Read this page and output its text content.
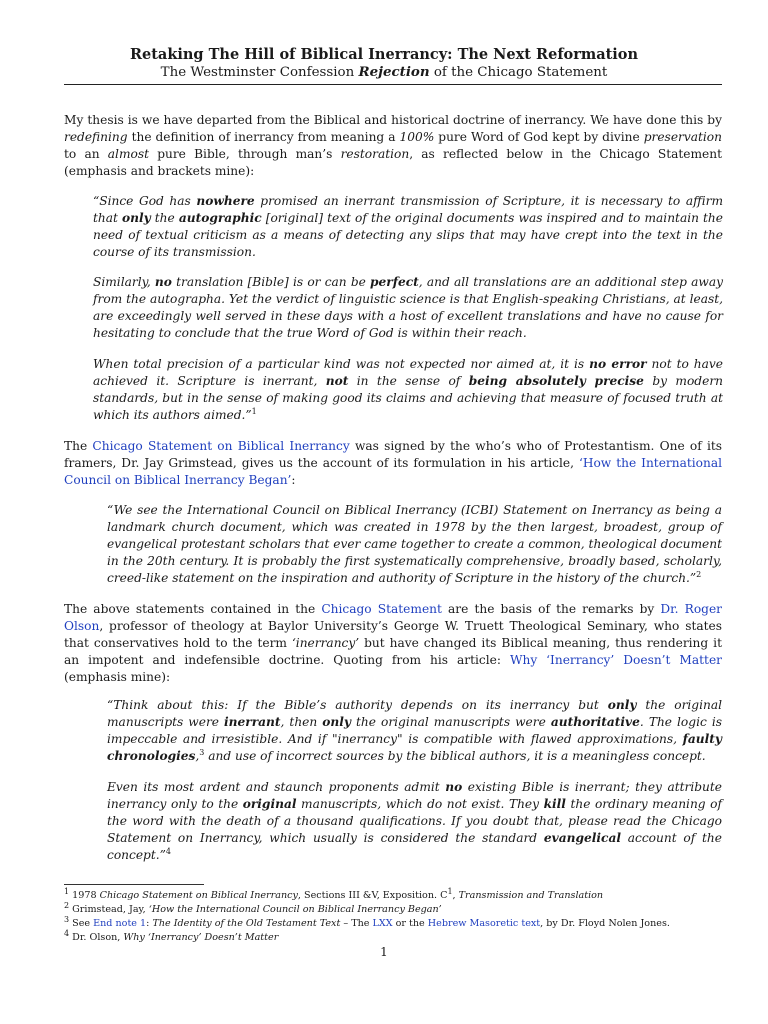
Retaking The Hill of Biblical Inerrancy: The Next Reformation
The Westminster Confession Rejection of the Chicago Statement
My thesis is we have departed from the Biblical and historical doctrine of inerrancy. We have done this by redefining the definition of inerrancy from meaning a 100% pure Word of God kept by divine preservation to an almost pure Bible, through man’s restoration, as reflected below in the Chicago Statement (emphasis and brackets mine):
“Since God has nowhere promised an inerrant transmission of Scripture, it is necessary to affirm that only the autographic [original] text of the original documents was inspired and to maintain the need of textual criticism as a means of detecting any slips that may have crept into the text in the course of its transmission.
Similarly, no translation [Bible] is or can be perfect, and all translations are an additional step away from the autographa. Yet the verdict of linguistic science is that English-speaking Christians, at least, are exceedingly well served in these days with a host of excellent translations and have no cause for hesitating to conclude that the true Word of God is within their reach.
When total precision of a particular kind was not expected nor aimed at, it is no error not to have achieved it. Scripture is inerrant, not in the sense of being absolutely precise by modern standards, but in the sense of making good its claims and achieving that measure of focused truth at which its authors aimed.”$^1$
The Chicago Statement on Biblical Inerrancy was signed by the who’s who of Protestantism. One of its framers, Dr. Jay Grimstead, gives us the account of its formulation in his article, ‘How the International Council on Biblical Inerrancy Began’:
“We see the International Council on Biblical Inerrancy (ICBI) Statement on Inerrancy as being a landmark church document, which was created in 1978 by the then largest, broadest, group of evangelical protestant scholars that ever came together to create a common, theological document in the 20th century. It is probably the first systematically comprehensive, broadly based, scholarly, creed-like statement on the inspiration and authority of Scripture in the history of the church.”$^2$
The above statements contained in the Chicago Statement are the basis of the remarks by Dr. Roger Olson, professor of theology at Baylor University’s George W. Truett Theological Seminary, who states that conservatives hold to the term ‘inerrancy’ but have changed its Biblical meaning, thus rendering it an impotent and indefensible doctrine. Quoting from his article: Why ‘Inerrancy’ Doesn’t Matter (emphasis mine):
“Think about this: If the Bible’s authority depends on its inerrancy but only the original manuscripts were inerrant, then only the original manuscripts were authoritative. The logic is impeccable and irresistible. And if "inerrancy" is compatible with flawed approximations, faulty chronologies,$^3$ and use of incorrect sources by the biblical authors, it is a meaningless concept.
Even its most ardent and staunch proponents admit no existing Bible is inerrant; they attribute inerrancy only to the original manuscripts, which do not exist. They kill the ordinary meaning of the word with the death of a thousand qualifications. If you doubt that, please read the Chicago Statement on Inerrancy, which usually is considered the standard evangelical account of the concept.”$^4$
$^1$ 1978 Chicago Statement on Biblical Inerrancy, Sections III &V, Exposition. $C^1$, Transmission and Translation
$^2$ Grimstead, Jay, ‘How the International Council on Biblical Inerrancy Began’
$^3$ See End note 1: The Identity of the Old Testament Text – The LXX or the Hebrew Masoretic text, by Dr. Floyd Nolen Jones.
$^4$ Dr. Olson, Why ‘Inerrancy’ Doesn’t Matter
1
